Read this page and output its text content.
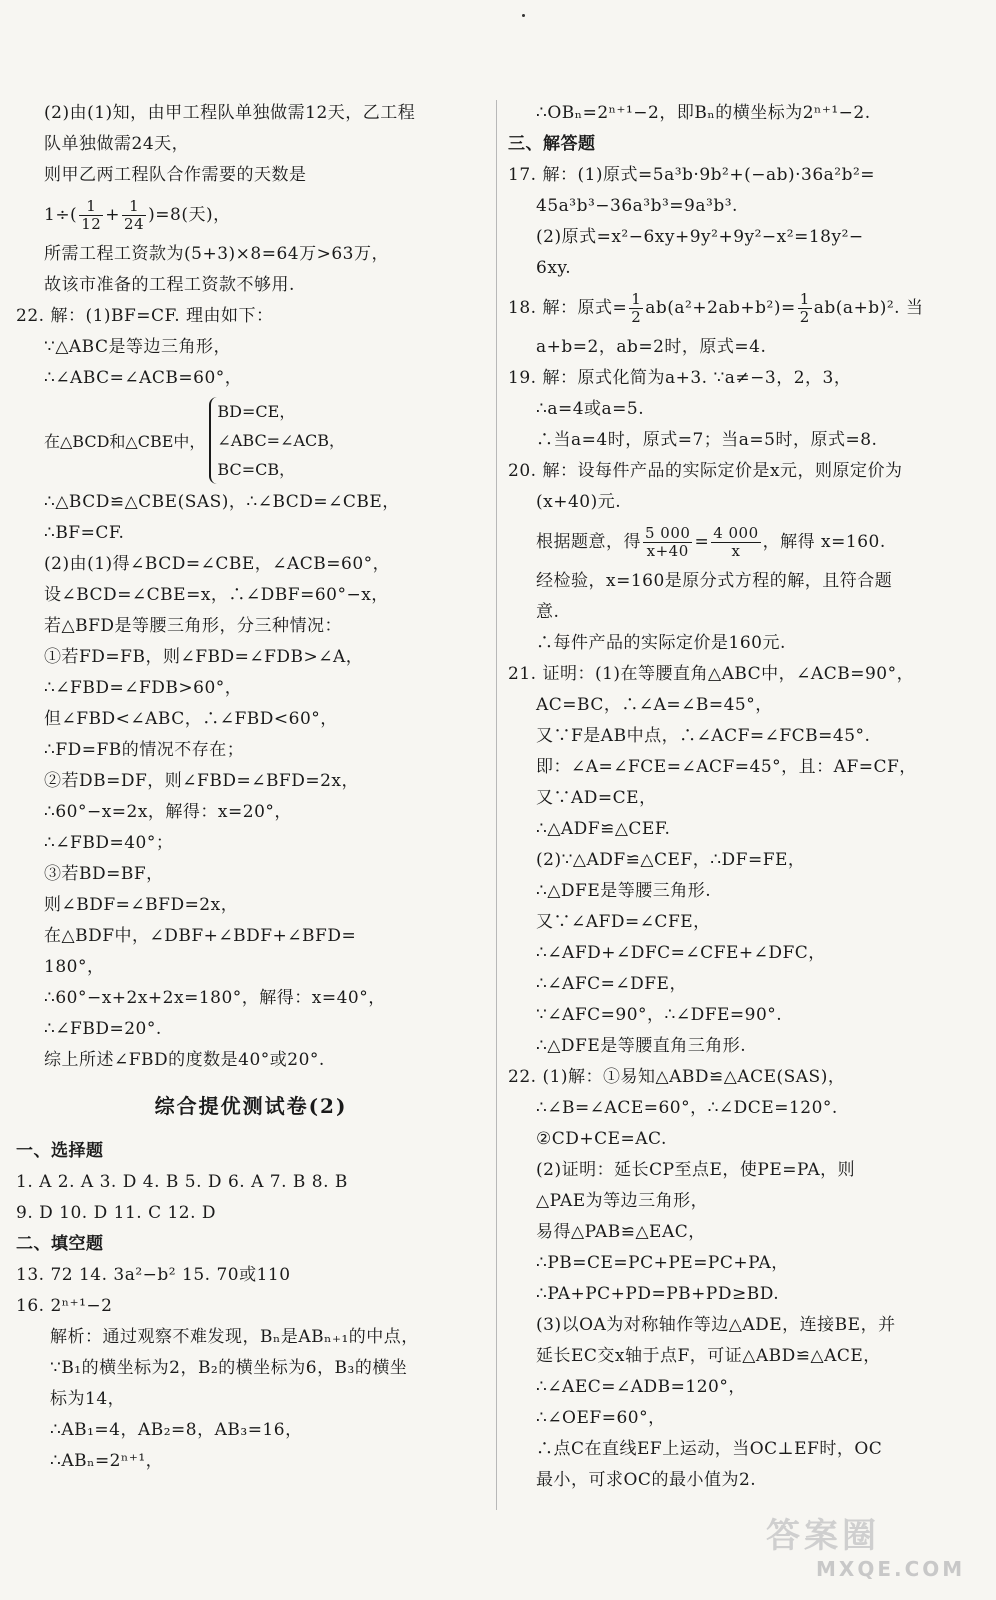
(2)由(1)知，由甲工程队单独做需12天，乙工程
队单独做需24天，
则甲乙两工程队合作需要的天数是
$1\div( \frac{1}{12} + \frac{1}{24} )=8$(天)，
所需工程工资款为(5+3)×8=64万>63万，
故该市准备的工程工资款不够用.
22. 解：(1)BF=CF. 理由如下：
∵△ABC是等边三角形，
∴∠ABC=∠ACB=60°，
在△BCD和△CBE中，
BD=CE，
∠ABC=∠ACB，
BC=CB，
∴△BCD≌△CBE(SAS)，∴∠BCD=∠CBE，
∴BF=CF.
(2)由(1)得∠BCD=∠CBE，∠ACB=60°，
设∠BCD=∠CBE=x，∴∠DBF=60°−x，
若△BFD是等腰三角形，分三种情况：
①若FD=FB，则∠FBD=∠FDB>∠A，
∴∠FBD=∠FDB>60°，
但∠FBD<∠ABC，∴∠FBD<60°，
∴FD=FB的情况不存在；
②若DB=DF，则∠FBD=∠BFD=2x，
∴60°−x=2x，解得：x=20°，
∴∠FBD=40°；
③若BD=BF，
则∠BDF=∠BFD=2x，
在△BDF中，∠DBF+∠BDF+∠BFD=
180°，
∴60°−x+2x+2x=180°，解得：x=40°，
∴∠FBD=20°.
综上所述∠FBD的度数是40°或20°.
综合提优测试卷(2)
一、选择题
1. A 2. A 3. D 4. B 5. D 6. A 7. B 8. B
9. D 10. D 11. C 12. D
二、填空题
13. 72 14. 3a²−b² 15. 70或110
16. 2ⁿ⁺¹−2
解析：通过观察不难发现，Bₙ是ABₙ₊₁的中点，
∵B₁的横坐标为2，B₂的横坐标为6，B₃的横坐
标为14，
∴AB₁=4，AB₂=8，AB₃=16，
∴ABₙ=2ⁿ⁺¹，
∴OBₙ=2ⁿ⁺¹−2，即Bₙ的横坐标为2ⁿ⁺¹−2.
三、解答题
17. 解：(1)原式=5a³b·9b²+(−ab)·36a²b²=
45a³b³−36a³b³=9a³b³.
(2)原式=x²−6xy+9y²+9y²−x²=18y²−
6xy.
18. 解：原式= $\frac{1}{2} ab(a^2+2ab+b^2)= \frac{1}{2} ab(a+b)^2$. 当
a+b=2，ab=2时，原式=4.
19. 解：原式化简为a+3. ∵a≠−3，2，3，
∴a=4或a=5.
∴当a=4时，原式=7；当a=5时，原式=8.
20. 解：设每件产品的实际定价是x元，则原定价为
(x+40)元.
根据题意，得 $\frac{5 000}{x+40} = \frac{4 000}{x}$ ，解得 x=160.
经检验，x=160是原分式方程的解，且符合题
意.
∴每件产品的实际定价是160元.
21. 证明：(1)在等腰直角△ABC中，∠ACB=90°，
AC=BC，∴∠A=∠B=45°，
又∵F是AB中点，∴∠ACF=∠FCB=45°.
即：∠A=∠FCE=∠ACF=45°，且：AF=CF，
又∵AD=CE，
∴△ADF≌△CEF.
(2)∵△ADF≌△CEF，∴DF=FE，
∴△DFE是等腰三角形.
又∵∠AFD=∠CFE，
∴∠AFD+∠DFC=∠CFE+∠DFC，
∴∠AFC=∠DFE，
∵∠AFC=90°，∴∠DFE=90°.
∴△DFE是等腰直角三角形.
22. (1)解：①易知△ABD≌△ACE(SAS)，
∴∠B=∠ACE=60°，∴∠DCE=120°.
②CD+CE=AC.
(2)证明：延长CP至点E，使PE=PA，则
△PAE为等边三角形，
易得△PAB≌△EAC，
∴PB=CE=PC+PE=PC+PA，
∴PA+PC+PD=PB+PD≥BD.
(3)以OA为对称轴作等边△ADE，连接BE，并
延长EC交x轴于点F，可证△ABD≌△ACE，
∴∠AEC=∠ADB=120°，
∴∠OEF=60°，
∴点C在直线EF上运动，当OC⊥EF时，OC
最小，可求OC的最小值为2.
答案圈
MXQE.COM
